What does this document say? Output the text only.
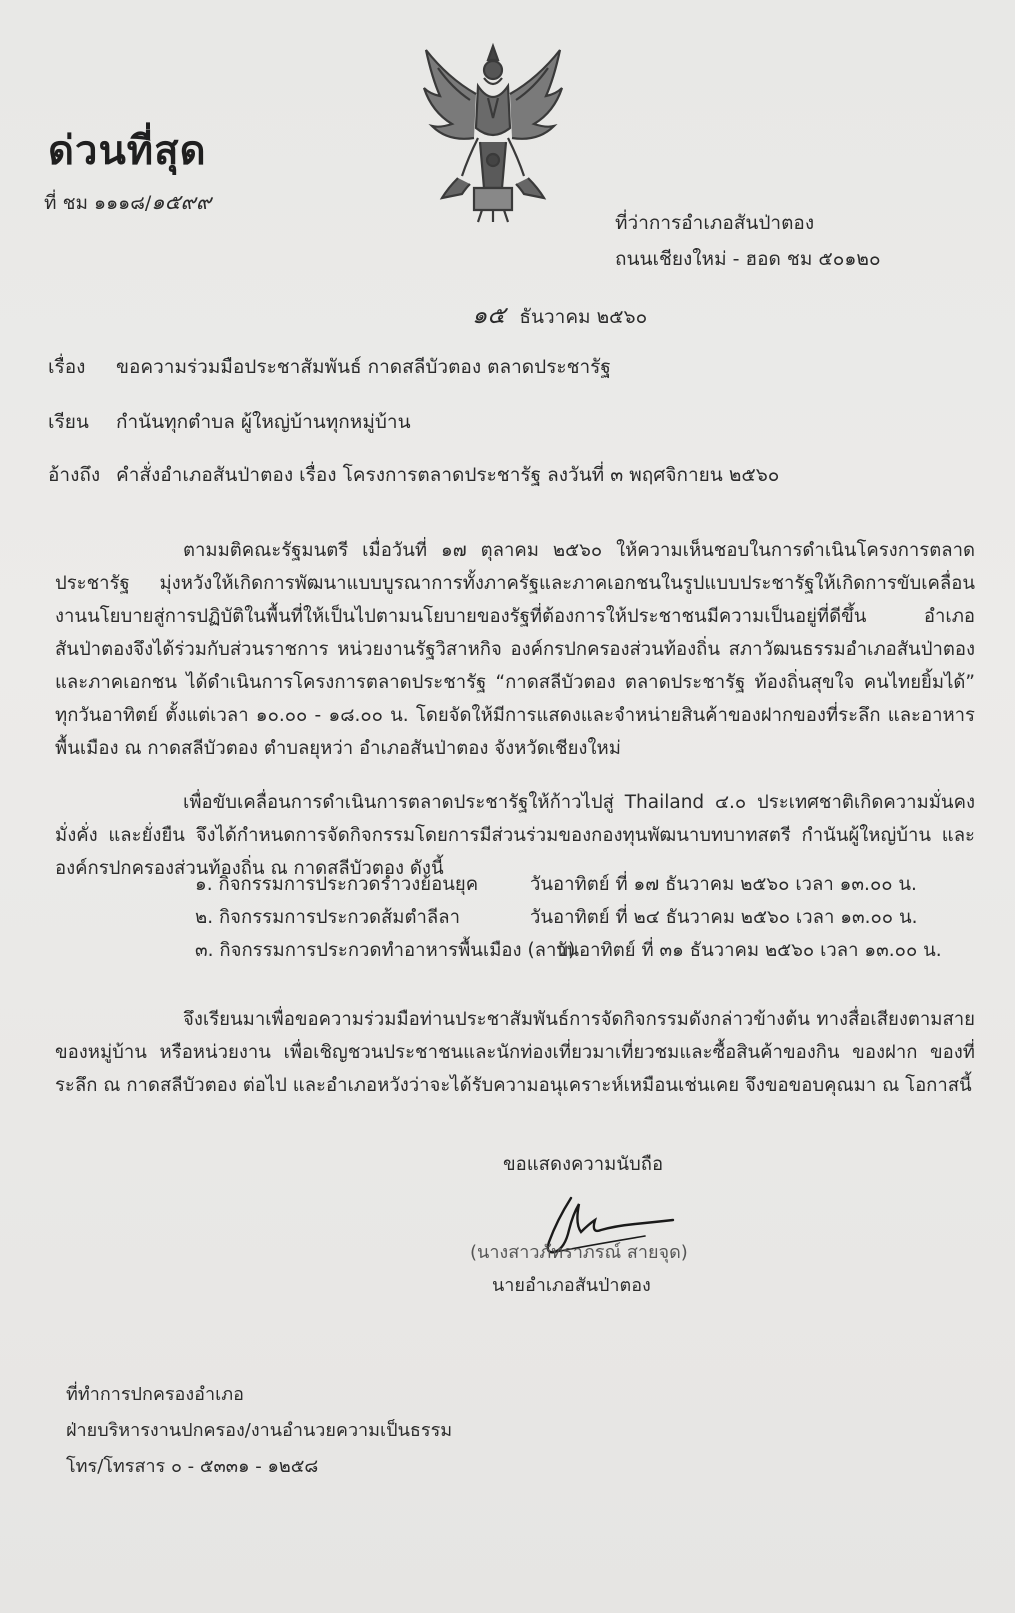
ด่วนที่สุด
ที่ ชม ๑๑๑๘/๑๕๙๙
ที่ว่าการอำเภอสันป่าตอง
ถนนเชียงใหม่ - ฮอด ชม ๕๐๑๒๐
๑๕ ธันวาคม ๒๕๖๐
เรื่อง ขอความร่วมมือประชาสัมพันธ์ กาดสลีบัวตอง ตลาดประชารัฐ
เรียน กำนันทุกตำบล ผู้ใหญ่บ้านทุกหมู่บ้าน
อ้างถึง คำสั่งอำเภอสันป่าตอง เรื่อง โครงการตลาดประชารัฐ ลงวันที่ ๓ พฤศจิกายน ๒๕๖๐
ตามมติคณะรัฐมนตรี เมื่อวันที่ ๑๗ ตุลาคม ๒๕๖๐ ให้ความเห็นชอบในการดำเนินโครงการตลาดประชารัฐ มุ่งหวังให้เกิดการพัฒนาแบบบูรณาการทั้งภาครัฐและภาคเอกชนในรูปแบบประชารัฐให้เกิดการขับเคลื่อนงานนโยบายสู่การปฏิบัติในพื้นที่ให้เป็นไปตามนโยบายของรัฐที่ต้องการให้ประชาชนมีความเป็นอยู่ที่ดีขึ้น อำเภอสันป่าตองจึงได้ร่วมกับส่วนราชการ หน่วยงานรัฐวิสาหกิจ องค์กรปกครองส่วนท้องถิ่น สภาวัฒนธรรมอำเภอสันป่าตอง และภาคเอกชน ได้ดำเนินการโครงการตลาดประชารัฐ “กาดสลีบัวตอง ตลาดประชารัฐ ท้องถิ่นสุขใจ คนไทยยิ้มได้” ทุกวันอาทิตย์ ตั้งแต่เวลา ๑๐.๐๐ - ๑๘.๐๐ น. โดยจัดให้มีการแสดงและจำหน่ายสินค้าของฝากของที่ระลึก และอาหารพื้นเมือง ณ กาดสลีบัวตอง ตำบลยุหว่า อำเภอสันป่าตอง จังหวัดเชียงใหม่
เพื่อขับเคลื่อนการดำเนินการตลาดประชารัฐให้ก้าวไปสู่ Thailand ๔.๐ ประเทศชาติเกิดความมั่นคง มั่งคั่ง และยั่งยืน จึงได้กำหนดการจัดกิจกรรมโดยการมีส่วนร่วมของกองทุนพัฒนาบทบาทสตรี กำนันผู้ใหญ่บ้าน และองค์กรปกครองส่วนท้องถิ่น ณ กาดสลีบัวตอง ดังนี้
๑. กิจกรรมการประกวดรำวงย้อนยุค	วันอาทิตย์ ที่ ๑๗ ธันวาคม ๒๕๖๐ เวลา ๑๓.๐๐ น.
๒. กิจกรรมการประกวดส้มตำลีลา	วันอาทิตย์ ที่ ๒๔ ธันวาคม ๒๕๖๐ เวลา ๑๓.๐๐ น.
๓. กิจกรรมการประกวดทำอาหารพื้นเมือง (ลาบ)
วันอาทิตย์ ที่ ๓๑ ธันวาคม ๒๕๖๐ เวลา ๑๓.๐๐ น.
จึงเรียนมาเพื่อขอความร่วมมือท่านประชาสัมพันธ์การจัดกิจกรรมดังกล่าวข้างต้น ทางสื่อเสียงตามสายของหมู่บ้าน หรือหน่วยงาน เพื่อเชิญชวนประชาชนและนักท่องเที่ยวมาเที่ยวชมและซื้อสินค้าของกิน ของฝาก ของที่ระลึก ณ กาดสลีบัวตอง ต่อไป และอำเภอหวังว่าจะได้รับความอนุเคราะห์เหมือนเช่นเคย จึงขอขอบคุณมา ณ โอกาสนี้
ขอแสดงความนับถือ
(นางสาวภัทราภรณ์ สายจุด)
นายอำเภอสันป่าตอง
ที่ทำการปกครองอำเภอ
ฝ่ายบริหารงานปกครอง/งานอำนวยความเป็นธรรม
โทร/โทรสาร ๐ - ๕๓๓๑ - ๑๒๕๘
